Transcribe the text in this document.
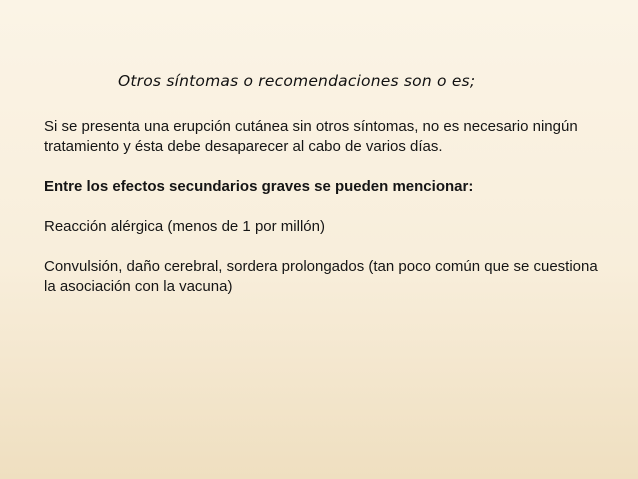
Otros síntomas o recomendaciones son o es;

Si se presenta una erupción cutánea sin otros síntomas, no es necesario ningún tratamiento y ésta debe desaparecer al cabo de varios días.

Entre los efectos secundarios graves se pueden mencionar:

Reacción alérgica (menos de 1 por millón)

Convulsión, daño cerebral, sordera prolongados (tan poco común que se cuestiona la asociación con la vacuna)
